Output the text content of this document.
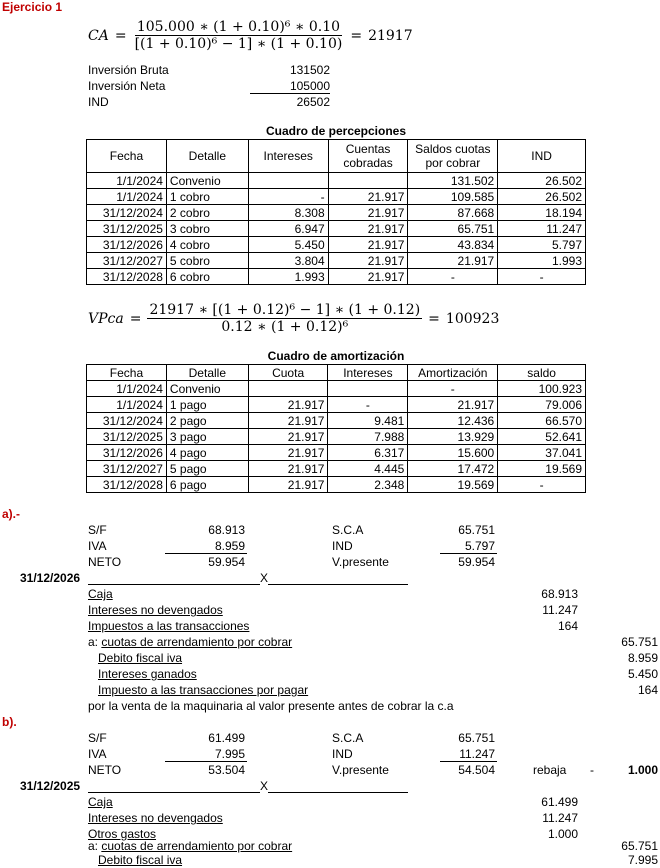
Ejercicio 1
CA = $\frac{\text{105.000 ∗ (1 + 0.10)⁶ ∗ 0.10}}{\text{[(1 + 0.10)⁶ − 1] ∗ (1 + 0.10)}} = 21917$
Inversión Bruta	131502
Inversión Neta	105000
IND	26502
Cuadro de percepciones
Fecha	Detalle	Intereses	Cuentas cobradas	Saldos cuotas por cobrar	IND
1/1/2024	Convenio			131.502	26.502
1/1/2024	1 cobro	-	21.917	109.585	26.502
31/12/2024	2 cobro	8.308	21.917	87.668	18.194
31/12/2025	3 cobro	6.947	21.917	65.751	11.247
31/12/2026	4 cobro	5.450	21.917	43.834	5.797
31/12/2027	5 cobro	3.804	21.917	21.917	1.993
31/12/2028	6 cobro	1.993	21.917	-	-
VPca = $\frac{\text{21917 ∗ [(1 + 0.12)⁶ − 1] ∗ (1 + 0.12)}}{\text{0.12 ∗ (1 + 0.12)⁶}} = 100923$
Cuadro de amortización
Fecha	Detalle	Cuota	Intereses	Amortización	saldo
1/1/2024	Convenio			-	100.923
1/1/2024	1 pago	21.917	-	21.917	79.006
31/12/2024	2 pago	21.917	9.481	12.436	66.570
31/12/2025	3 pago	21.917	7.988	13.929	52.641
31/12/2026	4 pago	21.917	6.317	15.600	37.041
31/12/2027	5 pago	21.917	4.445	17.472	19.569
31/12/2028	6 pago	21.917	2.348	19.569	-
a).-
S/F	68.913
IVA	8.959
NETO	59.954
S.C.A	65.751
IND	5.797
V.presente	59.954
31/12/2026	X
Caja	68.913
Intereses no devengados	11.247
Impuestos a las transacciones	164
a: cuotas de arrendamiento por cobrar	65.751
Debito fiscal iva	8.959
Intereses ganados	5.450
Impuesto a las transacciones por pagar	164
por la venta de la maquinaria al valor presente antes de cobrar la c.a
b).
S/F	61.499
IVA	7.995
NETO	53.504
S.C.A	65.751
IND	11.247
V.presente	54.504	rebaja -	1.000
31/12/2025	X
Caja	61.499
Intereses no devengados	11.247
Otros gastos	1.000
a: cuotas de arrendamiento por cobrar	65.751
Debito fiscal iva	7.995
